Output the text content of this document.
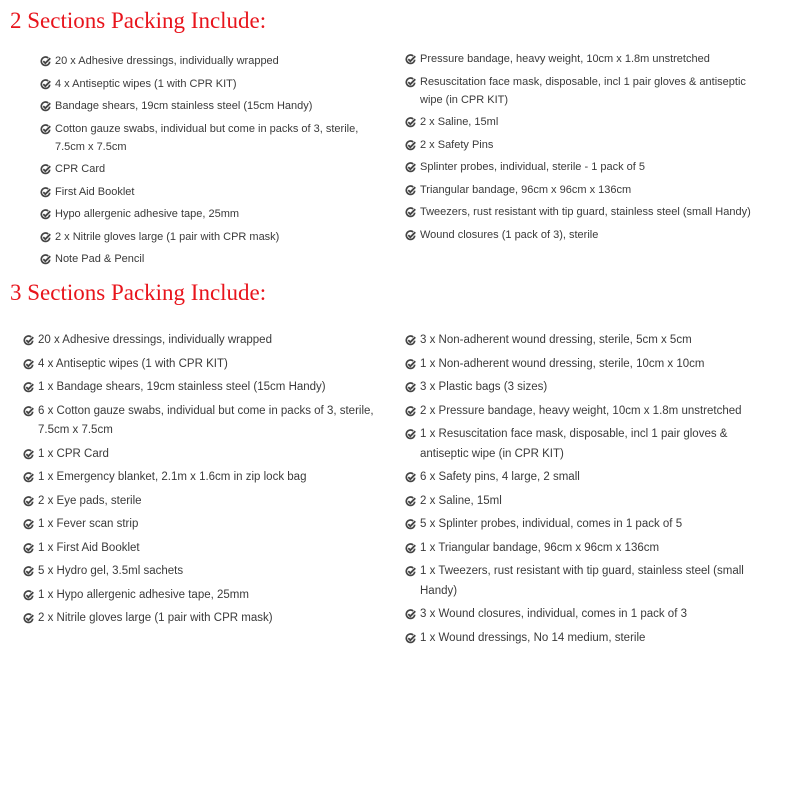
2 Sections Packing Include:
20 x Adhesive dressings, individually wrapped
4 x Antiseptic wipes (1 with CPR KIT)
Bandage shears, 19cm stainless steel (15cm Handy)
Cotton gauze swabs, individual but come in packs of 3, sterile, 7.5cm x 7.5cm
CPR Card
First Aid Booklet
Hypo allergenic adhesive tape, 25mm
2 x Nitrile gloves large (1 pair with CPR mask)
Note Pad & Pencil
Pressure bandage, heavy weight, 10cm x 1.8m unstretched
Resuscitation face mask, disposable, incl 1 pair gloves & antiseptic wipe (in CPR KIT)
2 x Saline, 15ml
2 x Safety Pins
Splinter probes, individual, sterile - 1 pack of 5
Triangular bandage, 96cm x 96cm x 136cm
Tweezers, rust resistant with tip guard, stainless steel (small Handy)
Wound closures (1 pack of 3), sterile
3 Sections Packing Include:
20 x Adhesive dressings, individually wrapped
4 x Antiseptic wipes (1 with CPR KIT)
1 x Bandage shears, 19cm stainless steel (15cm Handy)
6 x Cotton gauze swabs, individual but come in packs of 3, sterile, 7.5cm x 7.5cm
1 x CPR Card
1 x Emergency blanket, 2.1m x 1.6cm in zip lock bag
2 x Eye pads, sterile
1 x Fever scan strip
1 x First Aid Booklet
5 x Hydro gel, 3.5ml sachets
1 x Hypo allergenic adhesive tape, 25mm
2 x Nitrile gloves large (1 pair with CPR mask)
3 x Non-adherent wound dressing, sterile, 5cm x 5cm
1 x Non-adherent wound dressing, sterile, 10cm x 10cm
3 x Plastic bags (3 sizes)
2 x Pressure bandage, heavy weight, 10cm x 1.8m unstretched
1 x Resuscitation face mask, disposable, incl 1 pair gloves & antiseptic wipe (in CPR KIT)
6 x Safety pins, 4 large, 2 small
2 x Saline, 15ml
5 x Splinter probes, individual, comes in 1 pack of 5
1 x Triangular bandage, 96cm x 96cm x 136cm
1 x Tweezers, rust resistant with tip guard, stainless steel (small Handy)
3 x Wound closures, individual, comes in 1 pack of 3
1 x Wound dressings, No 14 medium, sterile
